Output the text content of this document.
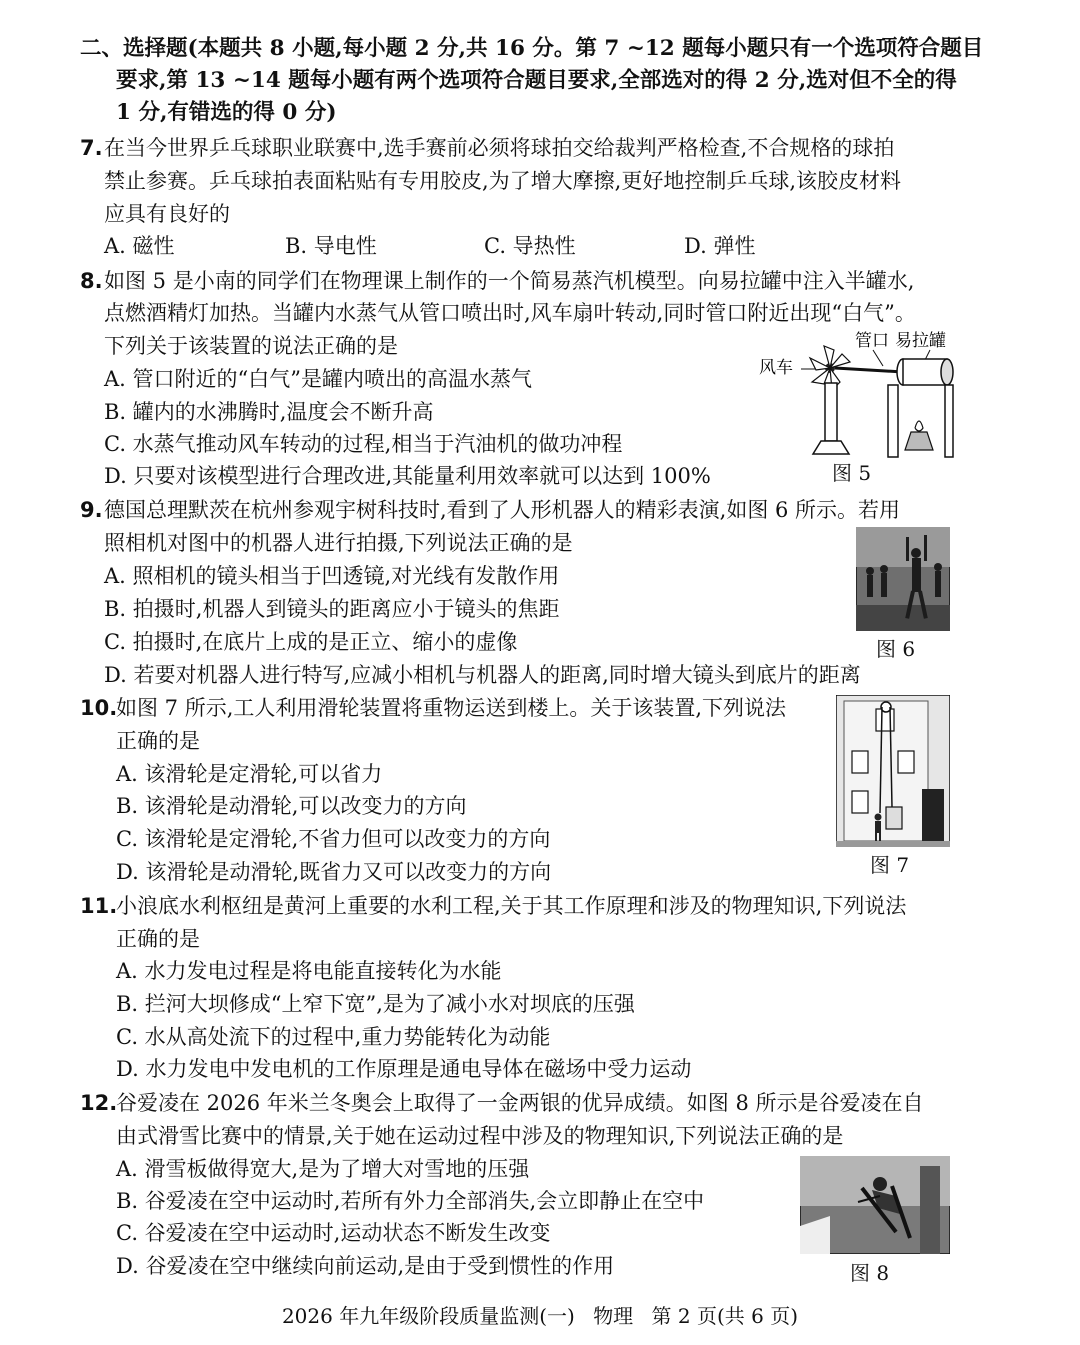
二、选择题(本题共 8 小题,每小题 2 分,共 16 分。第 7 ~12 题每小题只有一个选项符合题目
要求,第 13 ~14 题每小题有两个选项符合题目要求,全部选对的得 2 分,选对但不全的得
1 分,有错选的得 0 分)
7. 在当今世界乒乓球职业联赛中,选手赛前必须将球拍交给裁判严格检查,不合规格的球拍
禁止参赛。乒乓球拍表面粘贴有专用胶皮,为了增大摩擦,更好地控制乒乓球,该胶皮材料
应具有良好的
A. 磁性	B. 导电性	C. 导热性	D. 弹性
8. 如图 5 是小南的同学们在物理课上制作的一个简易蒸汽机模型。向易拉罐中注入半罐水,
点燃酒精灯加热。当罐内水蒸气从管口喷出时,风车扇叶转动,同时管口附近出现“白气”。
下列关于该装置的说法正确的是
A. 管口附近的“白气”是罐内喷出的高温水蒸气
B. 罐内的水沸腾时,温度会不断升高
C. 水蒸气推动风车转动的过程,相当于汽油机的做功冲程
D. 只要对该模型进行合理改进,其能量利用效率就可以达到 100%
管口 易拉罐
风车
图 5
9. 德国总理默茨在杭州参观宇树科技时,看到了人形机器人的精彩表演,如图 6 所示。若用
照相机对图中的机器人进行拍摄,下列说法正确的是
A. 照相机的镜头相当于凹透镜,对光线有发散作用
B. 拍摄时,机器人到镜头的距离应小于镜头的焦距
C. 拍摄时,在底片上成的是正立、缩小的虚像
D. 若要对机器人进行特写,应减小相机与机器人的距离,同时增大镜头到底片的距离
图 6
10.
如图 7 所示,工人利用滑轮装置将重物运送到楼上。关于该装置,下列说法
正确的是
A. 该滑轮是定滑轮,可以省力
B. 该滑轮是动滑轮,可以改变力的方向
C. 该滑轮是定滑轮,不省力但可以改变力的方向
D. 该滑轮是动滑轮,既省力又可以改变力的方向	图 7
11.
小浪底水利枢纽是黄河上重要的水利工程,关于其工作原理和涉及的物理知识,下列说法
正确的是
A. 水力发电过程是将电能直接转化为水能
B. 拦河大坝修成“上窄下宽”,是为了减小水对坝底的压强
C. 水从高处流下的过程中,重力势能转化为动能
D. 水力发电中发电机的工作原理是通电导体在磁场中受力运动
12.
谷爱凌在 2026 年米兰冬奥会上取得了一金两银的优异成绩。如图 8 所示是谷爱凌在自
由式滑雪比赛中的情景,关于她在运动过程中涉及的物理知识,下列说法正确的是
A. 滑雪板做得宽大,是为了增大对雪地的压强
B. 谷爱凌在空中运动时,若所有外力全部消失,会立即静止在空中
C. 谷爱凌在空中运动时,运动状态不断发生改变
D. 谷爱凌在空中继续向前运动,是由于受到惯性的作用	图 8
2026 年九年级阶段质量监测(一) 物理 第 2 页(共 6 页)
